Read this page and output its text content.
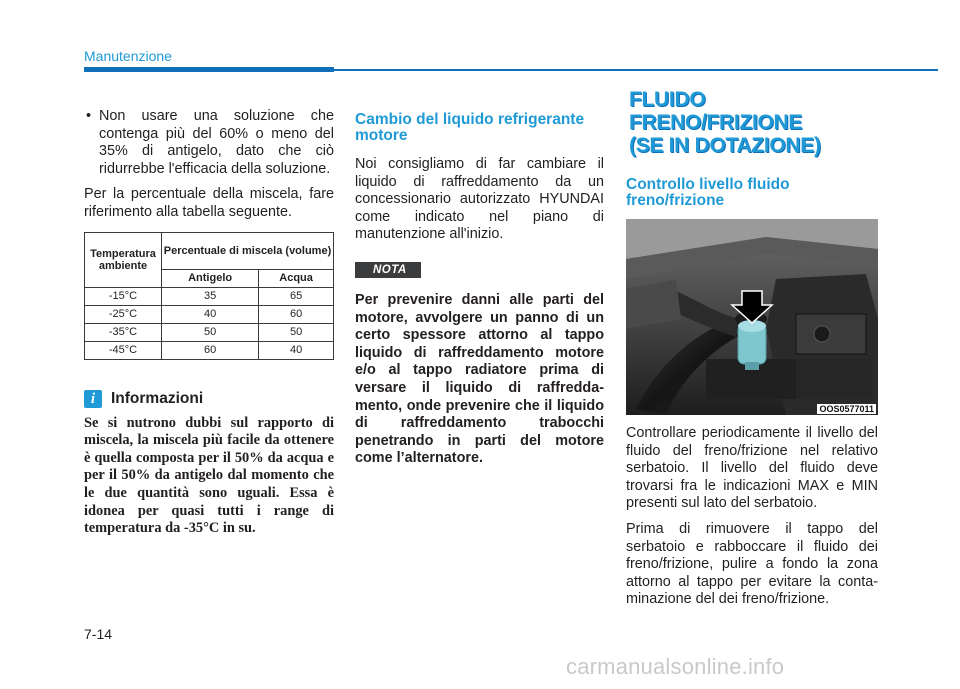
Manutenzione
• Non usare una soluzione che contenga più del 60% o meno del 35% di antigelo, dato che ciò ridurrebbe l'efficacia della soluzione.
Per la percentuale della miscela, fare riferimento alla tabella seguente.
Temperatura ambiente	Percentuale di miscela (volume)	
	Antigelo	Acqua
-15°C	35	65
-25°C	40	60
-35°C	50	50
-45°C	60	40
i	Informazioni
Se si nutrono dubbi sul rapporto di miscela, la miscela più facile da ottenere è quella composta per il 50% da acqua e per il 50% da antigelo dal momento che le due quantità sono uguali. Essa è idonea per quasi tutti i range di temperatura da -35°C in su.
Cambio del liquido refrigerante motore
Noi consigliamo di far cambiare il liquido di raffreddamento da un concessionario autorizzato HYUNDAI come indicato nel piano di manutenzione all'inizio.
NOTA
Per prevenire danni alle parti del motore, avvolgere un panno di un certo spessore attorno al tappo liquido di raffreddamento motore e/o al tappo radiatore prima di versare il liquido di raffredda-mento, onde prevenire che il liquido di raffreddamento trabocchi penetrando in parti del motore come l’alternatore.
FLUIDO FRENO/FRIZIONE
(SE IN DOTAZIONE)
Controllo livello fluido freno/frizione
OOS0577011
Controllare periodicamente il livello del fluido del freno/frizione nel relativo serbatoio. Il livello del fluido deve trovarsi fra le indicazioni MAX e MIN presenti sul lato del serbatoio.
Prima di rimuovere il tappo del serbatoio e rabboccare il fluido dei freno/frizione, pulire a fondo la zona attorno al tappo per evitare la conta-minazione del dei freno/frizione.
7-14
carmanualsonline.info
